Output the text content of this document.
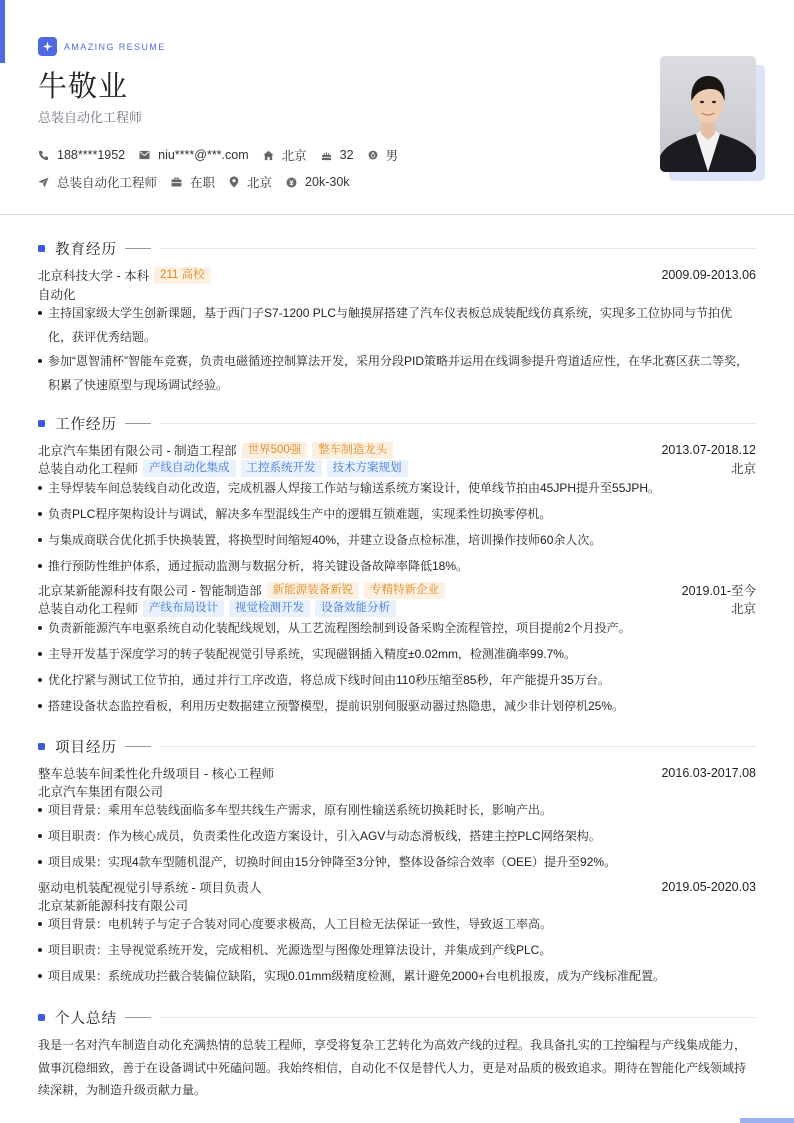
AMAZING RESUME
牛敬业
总装自动化工程师
188****1952	niu****@***.com	北京	32	男
总装自动化工程师	在职	北京	20k-30k
教育经历
北京科技大学 - 本科 211 高校	2009.09-2013.06
自动化
主持国家级大学生创新课题，基于西门子S7-1200 PLC与触摸屏搭建了汽车仪表板总成装配线仿真系统，实现多工位协同与节拍优化，获评优秀结题。
参加“恩智浦杯”智能车竞赛，负责电磁循迹控制算法开发，采用分段PID策略并运用在线调参提升弯道适应性，在华北赛区获二等奖，积累了快速原型与现场调试经验。
工作经历
北京汽车集团有限公司 - 制造工程部 世界500强	整车制造龙头	2013.07-2018.12
总装自动化工程师 产线自动化集成	工控系统开发	技术方案规划	北京
主导焊装车间总装线自动化改造，完成机器人焊接工作站与输送系统方案设计，使单线节拍由45JPH提升至55JPH。
负责PLC程序架构设计与调试，解决多车型混线生产中的逻辑互锁难题，实现柔性切换零停机。
与集成商联合优化抓手快换装置，将换型时间缩短40%，并建立设备点检标准，培训操作技师60余人次。
推行预防性维护体系，通过振动监测与数据分析，将关键设备故障率降低18%。
北京某新能源科技有限公司 - 智能制造部 新能源装备新锐	专精特新企业	2019.01-至今
总装自动化工程师 产线布局设计	视觉检测开发	设备效能分析	北京
负责新能源汽车电驱系统自动化装配线规划，从工艺流程图绘制到设备采购全流程管控，项目提前2个月投产。
主导开发基于深度学习的转子装配视觉引导系统，实现磁钢插入精度±0.02mm，检测准确率99.7%。
优化拧紧与测试工位节拍，通过并行工序改造，将总成下线时间由110秒压缩至85秒，年产能提升35万台。
搭建设备状态监控看板，利用历史数据建立预警模型，提前识别伺服驱动器过热隐患，减少非计划停机25%。
项目经历
整车总装车间柔性化升级项目 - 核心工程师	2016.03-2017.08
北京汽车集团有限公司
项目背景：乘用车总装线面临多车型共线生产需求，原有刚性输送系统切换耗时长，影响产出。
项目职责：作为核心成员，负责柔性化改造方案设计，引入AGV与动态滑板线，搭建主控PLC网络架构。
项目成果：实现4款车型随机混产，切换时间由15分钟降至3分钟，整体设备综合效率（OEE）提升至92%。
驱动电机装配视觉引导系统 - 项目负责人	2019.05-2020.03
北京某新能源科技有限公司
项目背景：电机转子与定子合装对同心度要求极高，人工目检无法保证一致性，导致返工率高。
项目职责：主导视觉系统开发，完成相机、光源选型与图像处理算法设计，并集成到产线PLC。
项目成果：系统成功拦截合装偏位缺陷，实现0.01mm级精度检测，累计避免2000+台电机报废，成为产线标准配置。
个人总结
我是一名对汽车制造自动化充满热情的总装工程师，享受将复杂工艺转化为高效产线的过程。我具备扎实的工控编程与产线集成能力，做事沉稳细致，善于在设备调试中死磕问题。我始终相信，自动化不仅是替代人力，更是对品质的极致追求。期待在智能化产线领域持续深耕，为制造升级贡献力量。
